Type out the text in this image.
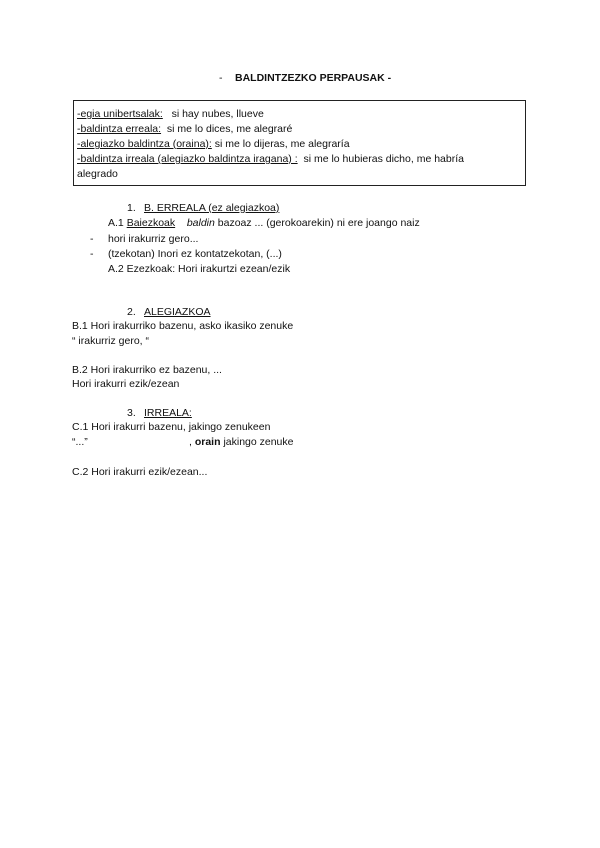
- BALDINTZEZKO PERPAUSAK -
-egia unibertsalak: si hay nubes, llueve
-baldintza erreala: si me lo dices, me alegraré
-alegiazko baldintza (oraina): si me lo dijeras, me alegraría
-baldintza irreala (alegiazko baldintza iragana) : si me lo hubieras dicho, me habría
alegrado
1. B. ERREALA (ez alegiazkoa)
A.1 Baiezkoak baldin bazoaz ... (gerokoarekin) ni ere joango naiz
- hori irakurriz gero...
- (tzekotan) Inori ez kontatzekotan, (...)
A.2 Ezezkoak: Hori irakurtzi ezean/ezik
2. ALEGIAZKOA
B.1 Hori irakurriko bazenu, asko ikasiko zenuke
“ irakurriz gero, “
B.2 Hori irakurriko ez bazenu, ...
Hori irakurri ezik/ezean
3. IRREALA:
C.1 Hori irakurri bazenu, jakingo zenukeen
“...”	, orain jakingo zenuke
C.2 Hori irakurri ezik/ezean...
